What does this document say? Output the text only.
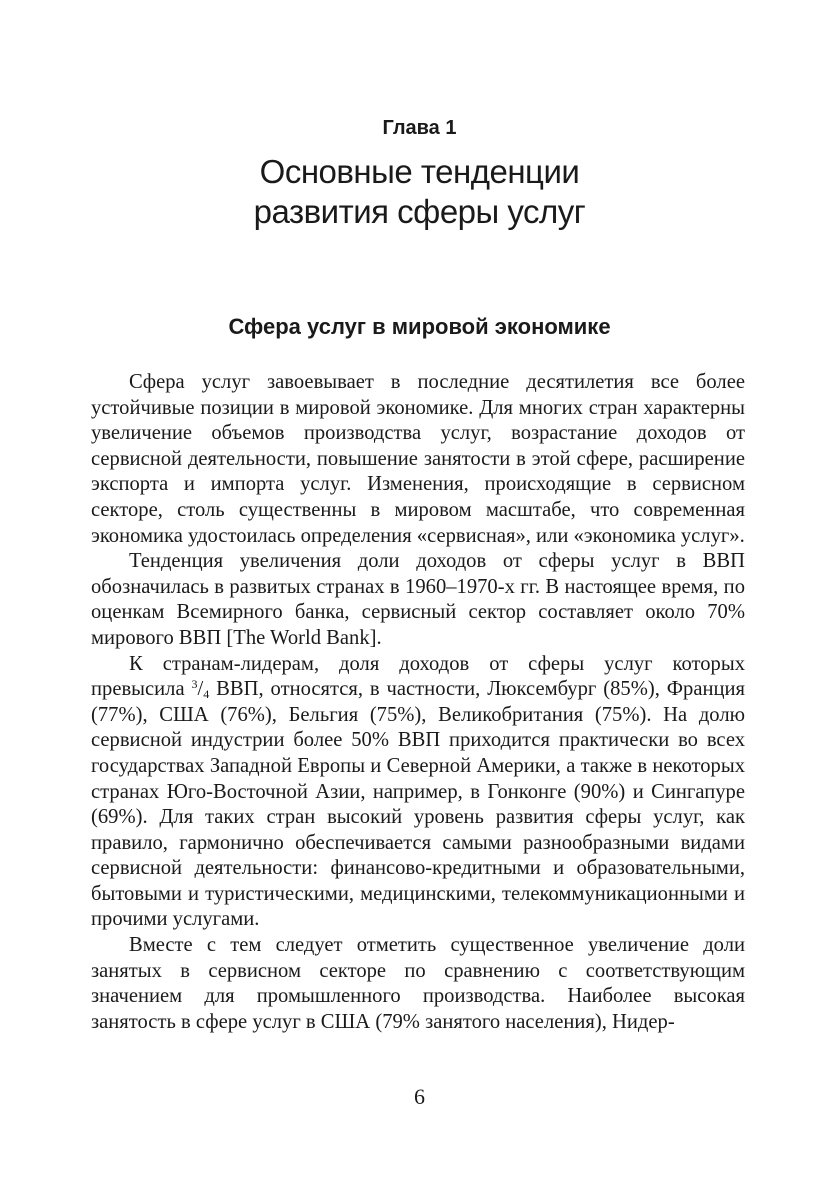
Глава 1
Основные тенденции
развития сферы услуг
Сфера услуг в мировой экономике

Сфера услуг завоевывает в последние десятилетия все более устойчивые позиции в мировой экономике. Для многих стран характерны увеличение объемов производства услуг, возрастание доходов от сервисной деятельности, повышение занятости в этой сфере, расширение экспорта и импорта услуг. Изменения, происходящие в сервисном секторе, столь существенны в мировом масштабе, что современная экономика удостоилась определения «сервисная», или «экономика услуг».

Тенденция увеличения доли доходов от сферы услуг в ВВП обозначилась в развитых странах в 1960–1970-х гг. В настоящее время, по оценкам Всемирного банка, сервисный сектор составляет около 70% мирового ВВП [The World Bank].

К странам-лидерам, доля доходов от сферы услуг которых превысила $^3$/4 ВВП, относятся, в частности, Люксембург (85%), Франция (77%), США (76%), Бельгия (75%), Великобритания (75%). На долю сервисной индустрии более 50% ВВП приходится практически во всех государствах Западной Европы и Северной Америки, а также в некоторых странах Юго-Восточной Азии, например, в Гонконге (90%) и Сингапуре (69%). Для таких стран высокий уровень развития сферы услуг, как правило, гармонично обеспечивается самыми разнообразными видами сервисной деятельности: финансово-кредитными и образовательными, бытовыми и туристическими, медицинскими, телекоммуникационными и прочими услугами.

Вместе с тем следует отметить существенное увеличение доли занятых в сервисном секторе по сравнению с соответствующим значением для промышленного производства. Наиболее высокая занятость в сфере услуг в США (79% занятого населения), Нидер-

6
